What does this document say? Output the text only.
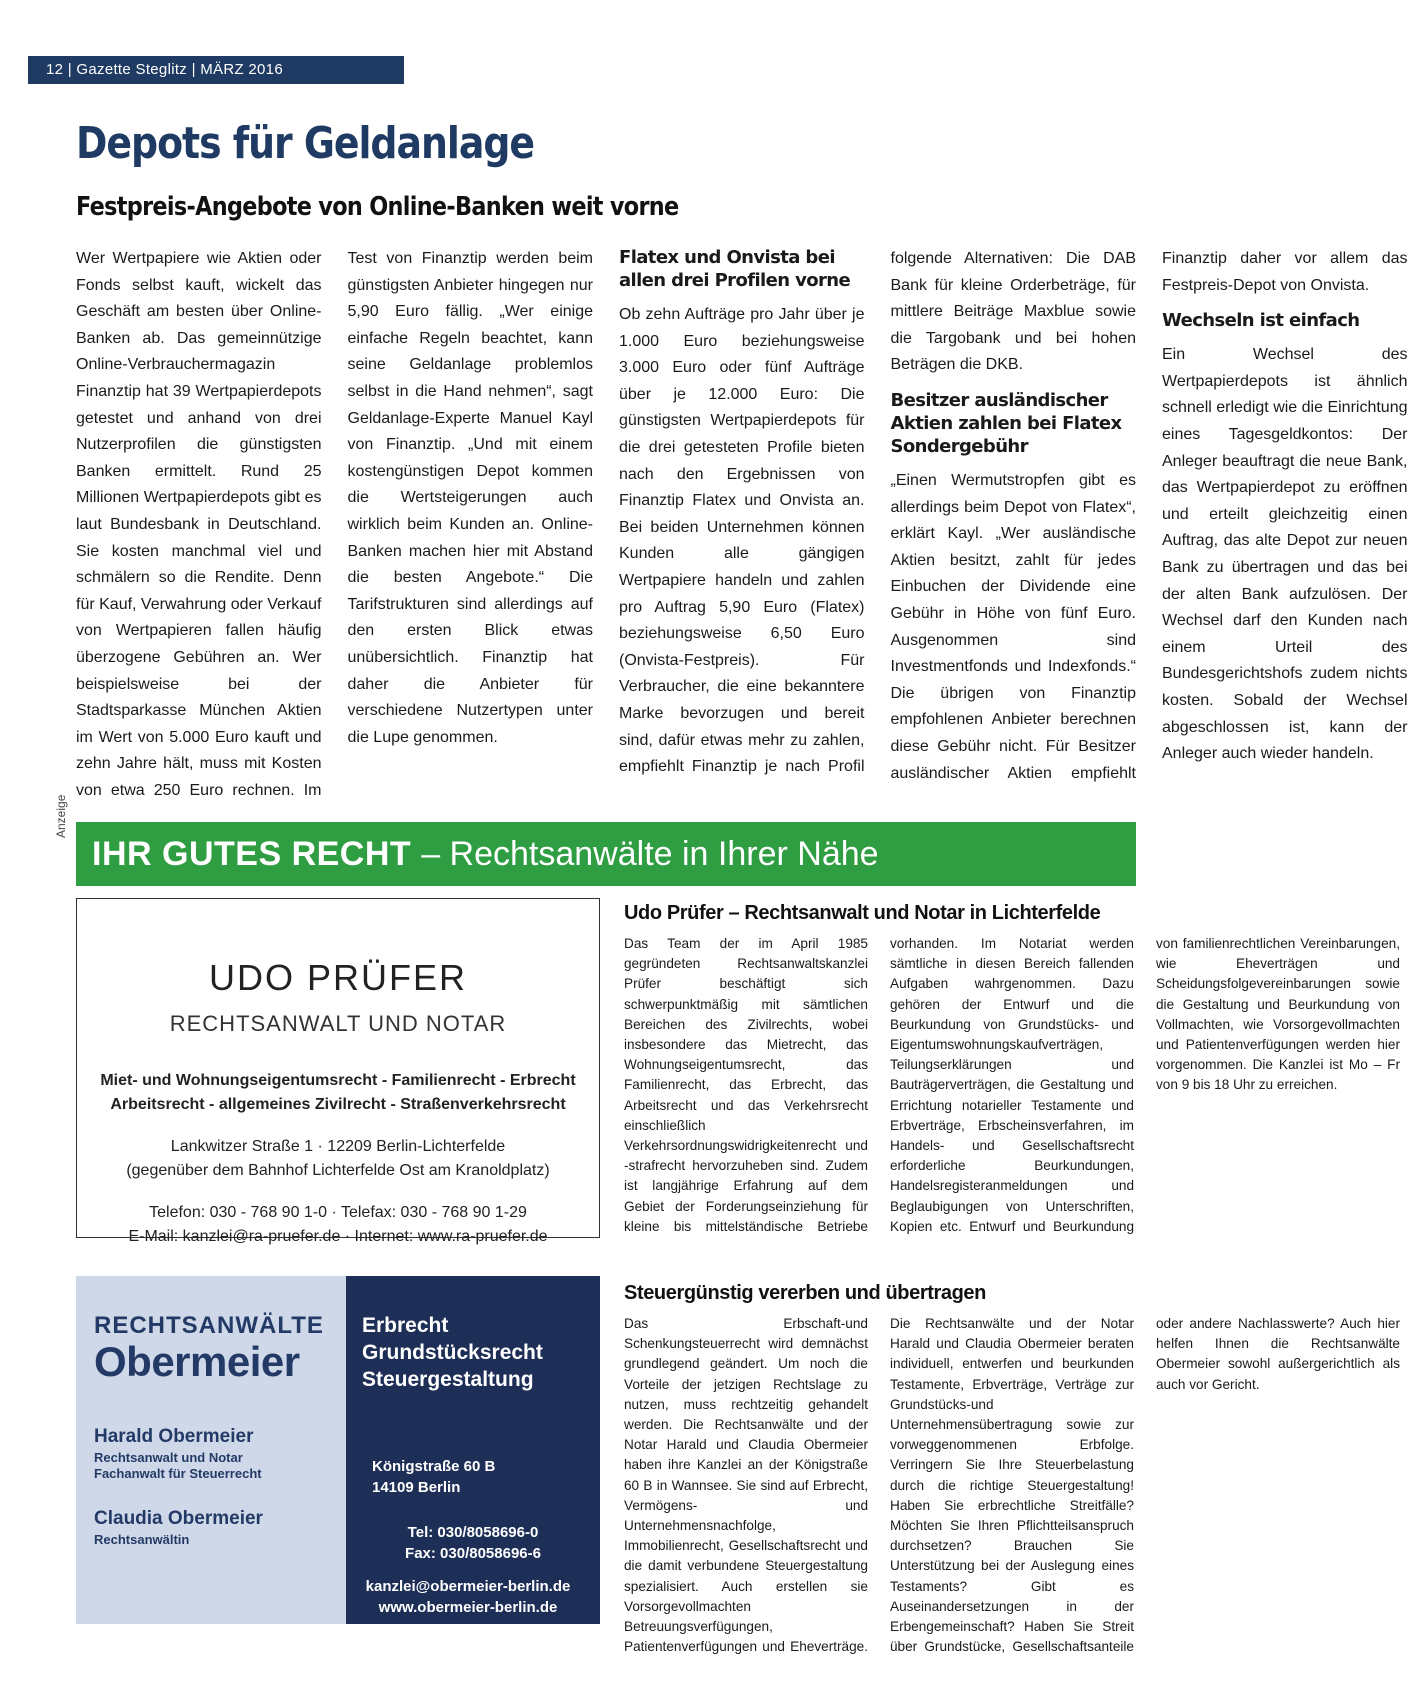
12 | Gazette Steglitz | MÄRZ 2016
Depots für Geldanlage
Festpreis-Angebote von Online-Banken weit vorne

Wer Wertpapiere wie Aktien oder Fonds selbst kauft, wickelt das Geschäft am besten über Online-Banken ab. Das gemeinnützige Online-Verbrauchermagazin Finanztip hat 39 Wertpapierdepots getestet und anhand von drei Nutzerprofilen die günstigsten Banken ermittelt. Rund 25 Millionen Wertpapierdepots gibt es laut Bundesbank in Deutschland. Sie kosten manchmal viel und schmälern so die Rendite. Denn für Kauf, Verwahrung oder Verkauf von Wertpapieren fallen häufig überzogene Gebühren an. Wer beispielsweise bei der Stadtsparkasse München Aktien im Wert von 5.000 Euro kauft und zehn Jahre hält, muss mit Kosten von etwa 250 Euro rechnen. Im Test von Finanztip werden beim günstigsten Anbieter hingegen nur 5,90 Euro fällig. „Wer einige einfache Regeln beachtet, kann seine Geldanlage problemlos selbst in die Hand nehmen“, sagt Geldanlage-Experte Manuel Kayl von Finanztip. „Und mit einem kostengünstigen Depot kommen die Wertsteigerungen auch wirklich beim Kunden an. Online-Banken machen hier mit Abstand die besten Angebote.“ Die Tarifstrukturen sind allerdings auf den ersten Blick etwas unübersichtlich. Finanztip hat daher die Anbieter für verschiedene Nutzertypen unter die Lupe genommen.

Flatex und Onvista bei allen drei Profilen vorne

Ob zehn Aufträge pro Jahr über je 1.000 Euro beziehungsweise 3.000 Euro oder fünf Aufträge über je 12.000 Euro: Die günstigsten Wertpapierdepots für die drei getesteten Profile bieten nach den Ergebnissen von Finanztip Flatex und Onvista an. Bei beiden Unternehmen können Kunden alle gängigen Wertpapiere handeln und zahlen pro Auftrag 5,90 Euro (Flatex) beziehungsweise 6,50 Euro (Onvista-Festpreis). Für Verbraucher, die eine bekanntere Marke bevorzugen und bereit sind, dafür etwas mehr zu zahlen, empfiehlt Finanztip je nach Profil folgende Alternativen: Die DAB Bank für kleine Orderbeträge, für mittlere Beiträge Maxblue sowie die Targobank und bei hohen Beträgen die DKB.

Besitzer ausländischer Aktien zahlen bei Flatex Sondergebühr

„Einen Wermutstropfen gibt es allerdings beim Depot von Flatex“, erklärt Kayl. „Wer ausländische Aktien besitzt, zahlt für jedes Einbuchen der Dividende eine Gebühr in Höhe von fünf Euro. Ausgenommen sind Investmentfonds und Indexfonds.“ Die übrigen von Finanztip empfohlenen Anbieter berechnen diese Gebühr nicht. Für Besitzer ausländischer Aktien empfiehlt Finanztip daher vor allem das Festpreis-Depot von Onvista.

Wechseln ist einfach

Ein Wechsel des Wertpapierdepots ist ähnlich schnell erledigt wie die Einrichtung eines Tagesgeldkontos: Der Anleger beauftragt die neue Bank, das Wertpapierdepot zu eröffnen und erteilt gleichzeitig einen Auftrag, das alte Depot zur neuen Bank zu übertragen und das bei der alten Bank aufzulösen. Der Wechsel darf den Kunden nach einem Urteil des Bundesgerichtshofs zudem nichts kosten. Sobald der Wechsel abgeschlossen ist, kann der Anleger auch wieder handeln.

Anzeige
IHR GUTES RECHT – Rechtsanwälte in Ihrer Nähe
UDO PRÜFER
RECHTSANWALT UND NOTAR
Miet- und Wohnungseigentumsrecht - Familienrecht - Erbrecht
Arbeitsrecht - allgemeines Zivilrecht - Straßenverkehrsrecht
Lankwitzer Straße 1 · 12209 Berlin-Lichterfelde
(gegenüber dem Bahnhof Lichterfelde Ost am Kranoldplatz)
Telefon: 030 - 768 90 1-0 · Telefax: 030 - 768 90 1-29
E-Mail: kanzlei@ra-pruefer.de · Internet: www.ra-pruefer.de
RECHTSANWÄLTE
Obermeier
Harald Obermeier
Rechtsanwalt und Notar
Fachanwalt für Steuerrecht
Claudia Obermeier
Rechtsanwältin
Erbrecht
Grundstücksrecht
Steuergestaltung
Königstraße 60 B
14109 Berlin
Tel: 030/8058696-0
Fax: 030/8058696-6
kanzlei@obermeier-berlin.de
www.obermeier-berlin.de
Udo Prüfer – Rechtsanwalt und Notar in Lichterfelde

Das Team der im April 1985 gegründeten Rechtsanwaltskanzlei Prüfer beschäftigt sich schwerpunktmäßig mit sämtlichen Bereichen des Zivilrechts, wobei insbesondere das Mietrecht, das Wohnungseigentumsrecht, das Familienrecht, das Erbrecht, das Arbeitsrecht und das Verkehrsrecht einschließlich Verkehrsordnungswidrigkeitenrecht und -strafrecht hervorzuheben sind. Zudem ist langjährige Erfahrung auf dem Gebiet der Forderungseinziehung für kleine bis mittelständische Betriebe vorhanden. Im Notariat werden sämtliche in diesen Bereich fallenden Aufgaben wahrgenommen. Dazu gehören der Entwurf und die Beurkundung von Grundstücks- und Eigentumswohnungskaufverträgen, Teilungserklärungen und Bauträgerverträgen, die Gestaltung und Errichtung notarieller Testamente und Erbverträge, Erbscheinsverfahren, im Handels- und Gesellschaftsrecht erforderliche Beurkundungen, Handelsregisteranmeldungen und Beglaubigungen von Unterschriften, Kopien etc. Entwurf und Beurkundung von familienrechtlichen Vereinbarungen, wie Eheverträgen und Scheidungsfolgevereinbarungen sowie die Gestaltung und Beurkundung von Vollmachten, wie Vorsorgevollmachten und Patientenverfügungen werden hier vorgenommen. Die Kanzlei ist Mo – Fr von 9 bis 18 Uhr zu erreichen.

Steuergünstig vererben und übertragen

Das Erbschaft-und Schenkungsteuerrecht wird demnächst grundlegend geändert. Um noch die Vorteile der jetzigen Rechtslage zu nutzen, muss rechtzeitig gehandelt werden. Die Rechtsanwälte und der Notar Harald und Claudia Obermeier haben ihre Kanzlei an der Königstraße 60 B in Wannsee. Sie sind auf Erbrecht, Vermögens- und Unternehmensnachfolge, Immobilienrecht, Gesellschaftsrecht und die damit verbundene Steuergestaltung spezialisiert. Auch erstellen sie Vorsorgevollmachten Betreuungsverfügungen, Patientenverfügungen und Eheverträge. Die Rechtsanwälte und der Notar Harald und Claudia Obermeier beraten individuell, entwerfen und beurkunden Testamente, Erbverträge, Verträge zur Grundstücks-und Unternehmensübertragung sowie zur vorweggenommenen Erbfolge. Verringern Sie Ihre Steuerbelastung durch die richtige Steuergestaltung! Haben Sie erbrechtliche Streitfälle? Möchten Sie Ihren Pflichtteilsanspruch durchsetzen? Brauchen Sie Unterstützung bei der Auslegung eines Testaments? Gibt es Auseinandersetzungen in der Erbengemeinschaft? Haben Sie Streit über Grundstücke, Gesellschaftsanteile oder andere Nachlasswerte? Auch hier helfen Ihnen die Rechtsanwälte Obermeier sowohl außergerichtlich als auch vor Gericht.
